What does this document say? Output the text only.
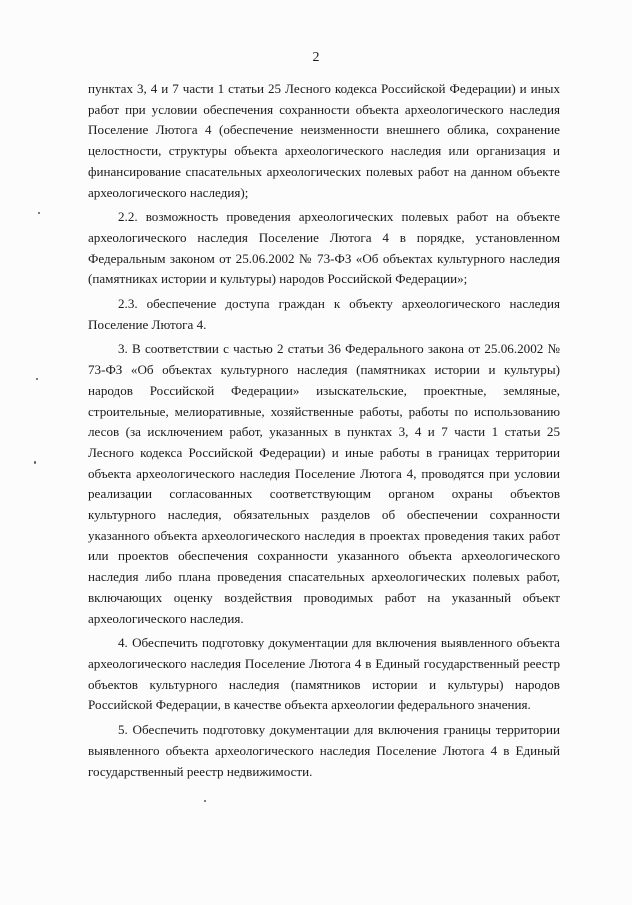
2

пунктах 3, 4 и 7 части 1 статьи 25 Лесного кодекса Российской Федерации) и иных работ при условии обеспечения сохранности объекта археологического наследия Поселение Лютога 4 (обеспечение неизменности внешнего облика, сохранение целостности, структуры объекта археологического наследия или организация и финансирование спасательных археологических полевых работ на данном объекте археологического наследия);

2.2. возможность проведения археологических полевых работ на объекте археологического наследия Поселение Лютога 4 в порядке, установленном Федеральным законом от 25.06.2002 № 73-ФЗ «Об объектах культурного наследия (памятниках истории и культуры) народов Российской Федерации»;

2.3. обеспечение доступа граждан к объекту археологического наследия Поселение Лютога 4.

3. В соответствии с частью 2 статьи 36 Федерального закона от 25.06.2002 № 73-ФЗ «Об объектах культурного наследия (памятниках истории и культуры) народов Российской Федерации» изыскательские, проектные, земляные, строительные, мелиоративные, хозяйственные работы, работы по использованию лесов (за исключением работ, указанных в пунктах 3, 4 и 7 части 1 статьи 25 Лесного кодекса Российской Федерации) и иные работы в границах территории объекта археологического наследия Поселение Лютога 4, проводятся при условии реализации согласованных соответствующим органом охраны объектов культурного наследия, обязательных разделов об обеспечении сохранности указанного объекта археологического наследия в проектах проведения таких работ или проектов обеспечения сохранности указанного объекта археологического наследия либо плана проведения спасательных археологических полевых работ, включающих оценку воздействия проводимых работ на указанный объект археологического наследия.

4. Обеспечить подготовку документации для включения выявленного объекта археологического наследия Поселение Лютога 4 в Единый государственный реестр объектов культурного наследия (памятников истории и культуры) народов Российской Федерации, в качестве объекта археологии федерального значения.

5. Обеспечить подготовку документации для включения границы территории выявленного объекта археологического наследия Поселение Лютога 4 в Единый государственный реестр недвижимости.
